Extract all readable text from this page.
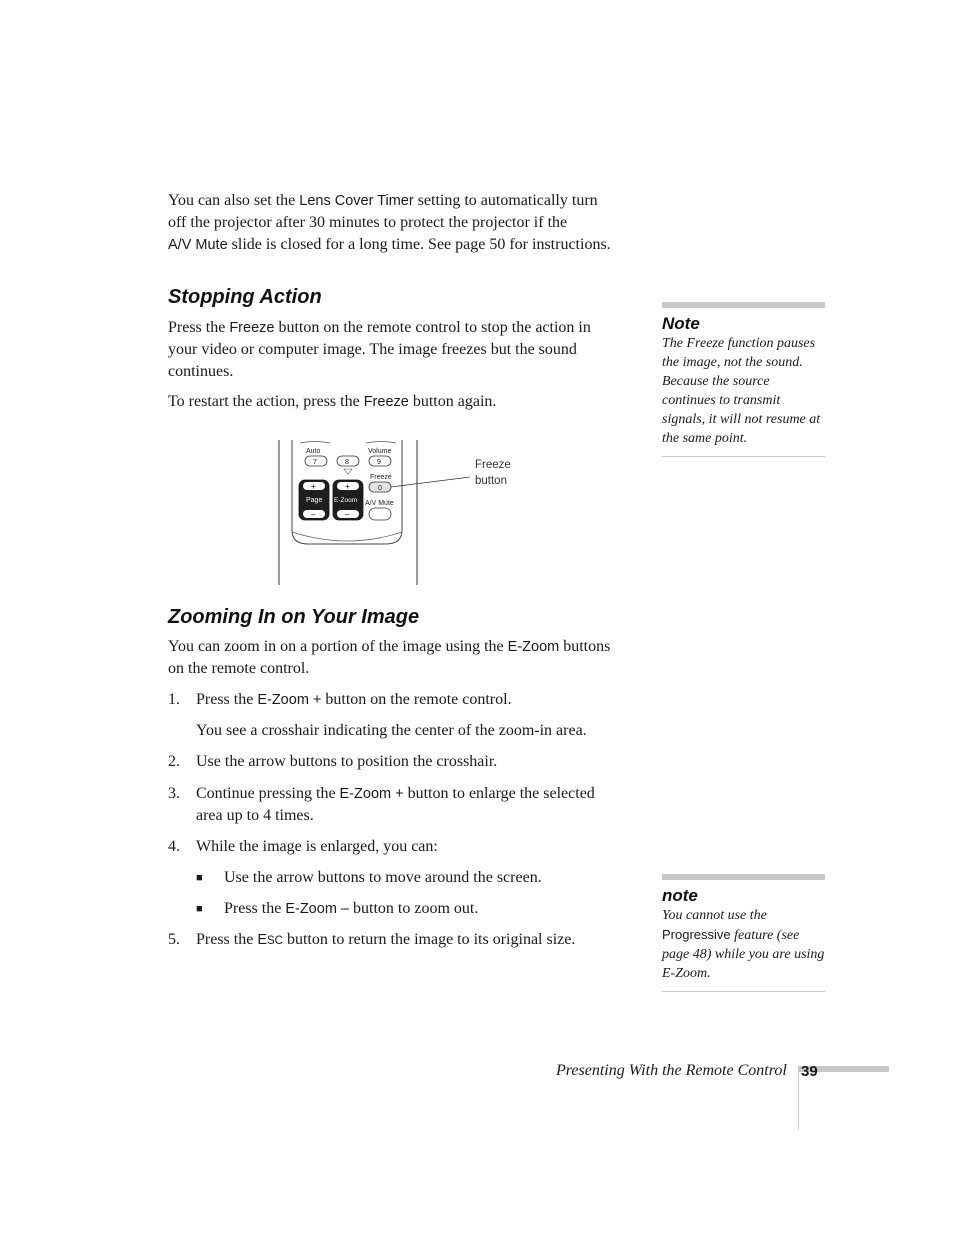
You can also set the Lens Cover Timer setting to automatically turn

off the projector after 30 minutes to protect the projector if the

A/V Mute slide is closed for a long time. See page 50 for instructions.

Stopping Action

Press the Freeze button on the remote control to stop the action in

your video or computer image. The image freezes but the sound

continues.

To restart the action, press the Freeze button again.

Auto
7	8
Volume
9
Freeze
0
+
Page
–
+
E-Zoom
–
A/V Mute
Freeze
button
Zooming In on Your Image

You can zoom in on a portion of the image using the E-Zoom buttons

on the remote control.

1.	Press the E-Zoom + button on the remote control.

You see a crosshair indicating the center of the zoom-in area.
2.	Use the arrow buttons to position the crosshair.
3.	Continue pressing the E-Zoom + button to enlarge the selected

area up to 4 times.

4.	While the image is enlarged, you can:
■ Use the arrow buttons to move around the screen.
■ Press the E-Zoom – button to zoom out.

5.	Press the ESC button to return the image to its original size.

Note
The Freeze function pauses the image, not the sound. Because the source continues to transmit signals, it will not resume at the same point.
note
You cannot use the
Progressive feature (see page 48) while you are using E-Zoom.
Presenting With the Remote Control 39
